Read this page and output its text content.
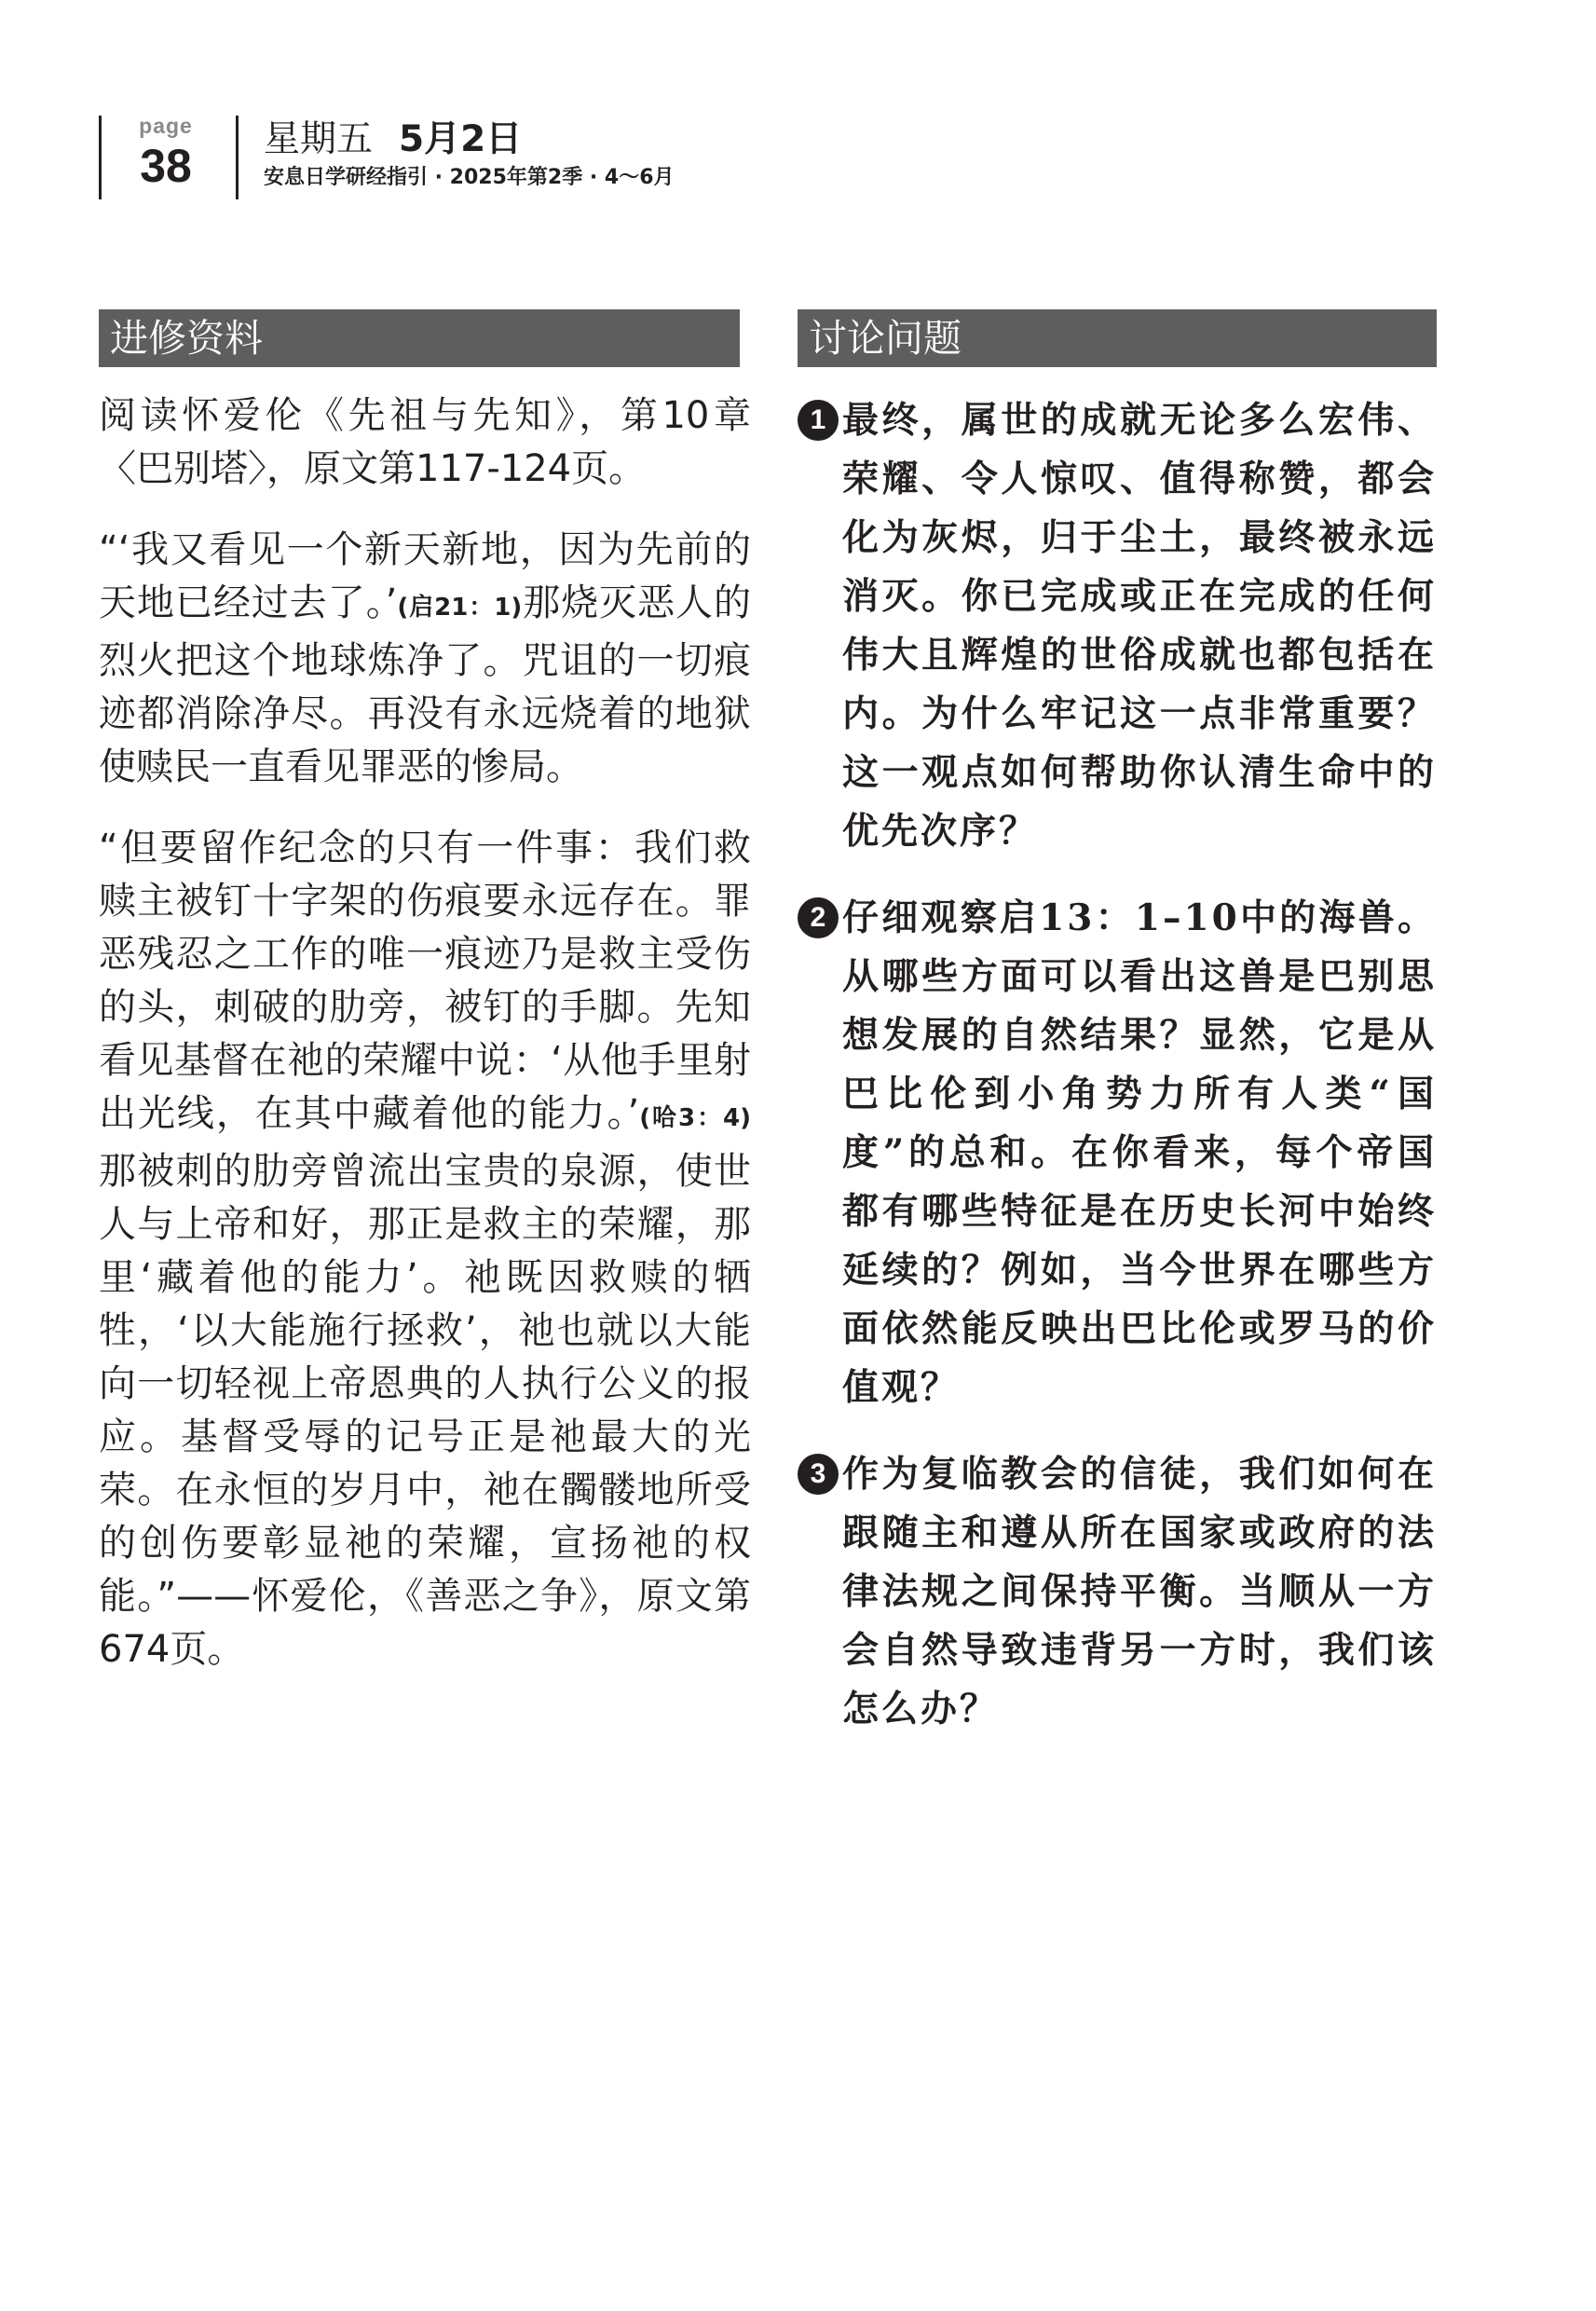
page
38
星期五 5月2日
安息日学研经指引 · 2025年第2季 · 4～6月
进修资料	讨论问题

阅读怀爱伦《先祖与先知》，第10章〈巴别塔〉，原文第117-124页。

“‘我又看见一个新天新地，因为先前的天地已经过去了。’(启21：1)那烧灭恶人的烈火把这个地球炼净了。咒诅的一切痕迹都消除净尽。再没有永远烧着的地狱使赎民一直看见罪恶的惨局。

“但要留作纪念的只有一件事：我们救赎主被钉十字架的伤痕要永远存在。罪恶残忍之工作的唯一痕迹乃是救主受伤的头，刺破的肋旁，被钉的手脚。先知看见基督在祂的荣耀中说：‘从他手里射出光线，在其中藏着他的能力。’(哈3：4)那被刺的肋旁曾流出宝贵的泉源，使世人与上帝和好，那正是救主的荣耀，那里‘藏着他的能力’。祂既因救赎的牺牲，‘以大能施行拯救’，祂也就以大能向一切轻视上帝恩典的人执行公义的报应。基督受辱的记号正是祂最大的光荣。在永恒的岁月中，祂在髑髅地所受的创伤要彰显祂的荣耀，宣扬祂的权能。”——怀爱伦，《善恶之争》，原文第674页。

1 最终，属世的成就无论多么宏伟、荣耀、令人惊叹、值得称赞，都会化为灰烬，归于尘土，最终被永远消灭。你已完成或正在完成的任何伟大且辉煌的世俗成就也都包括在内。为什么牢记这一点非常重要？这一观点如何帮助你认清生命中的优先次序？
2 仔细观察启13：1–10中的海兽。从哪些方面可以看出这兽是巴别思想发展的自然结果？显然，它是从巴比伦到小角势力所有人类“国度”的总和。在你看来，每个帝国都有哪些特征是在历史长河中始终延续的？例如，当今世界在哪些方面依然能反映出巴比伦或罗马的价值观？
3 作为复临教会的信徒，我们如何在跟随主和遵从所在国家或政府的法律法规之间保持平衡。当顺从一方会自然导致违背另一方时，我们该怎么办？
